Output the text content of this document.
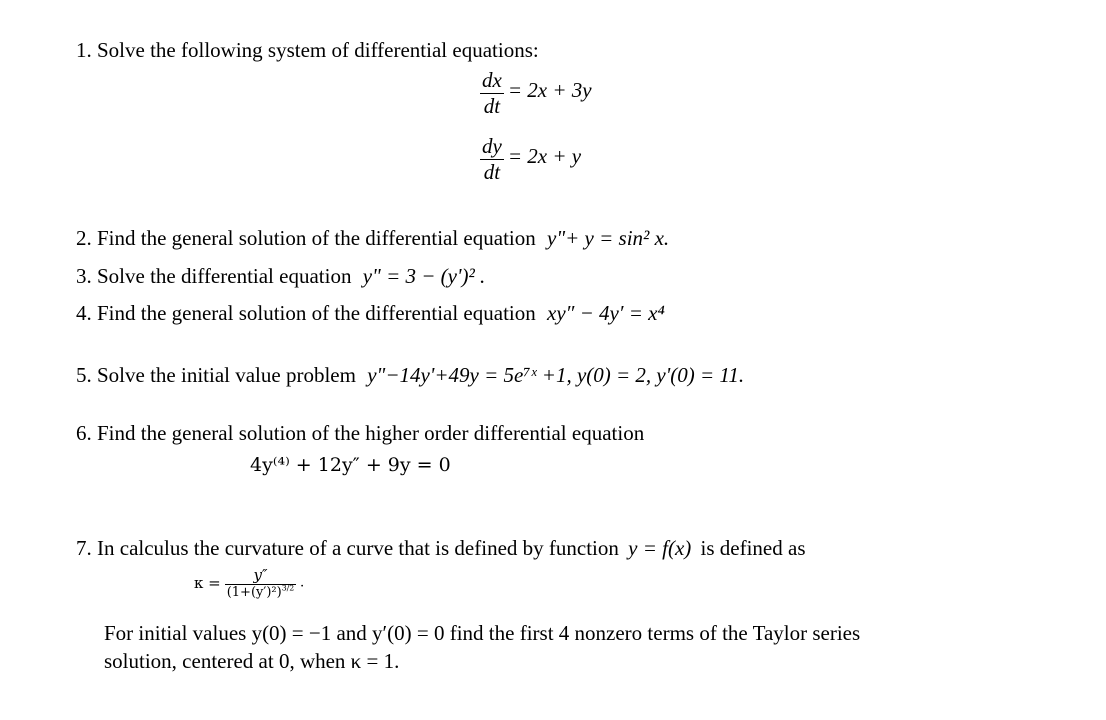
1. Solve the following system of differential equations:
$\frac{dx}{dt} = 2x + 3y$
$\frac{dy}{dt} = 2x + y$
2. Find the general solution of the differential equation y"+ y = sin² x.
3. Solve the differential equation y" = 3 − (y')² .
4. Find the general solution of the differential equation xy″ − 4y′ = x⁴
5. Solve the initial value problem y"−14y'+49y = 5e⁷ˣ +1, y(0) = 2, y'(0) = 11.
6. Find the general solution of the higher order differential equation
4y⁽⁴⁾ + 12y″ + 9y = 0
7. In calculus the curvature of a curve that is defined by function y = f(x) is defined as
$\kappa = \frac{y''}{(1+(y')^2)^{3/2}}$ .
For initial values y(0) = −1 and y′(0) = 0 find the first 4 nonzero terms of the Taylor series
solution, centered at 0, when κ = 1.
